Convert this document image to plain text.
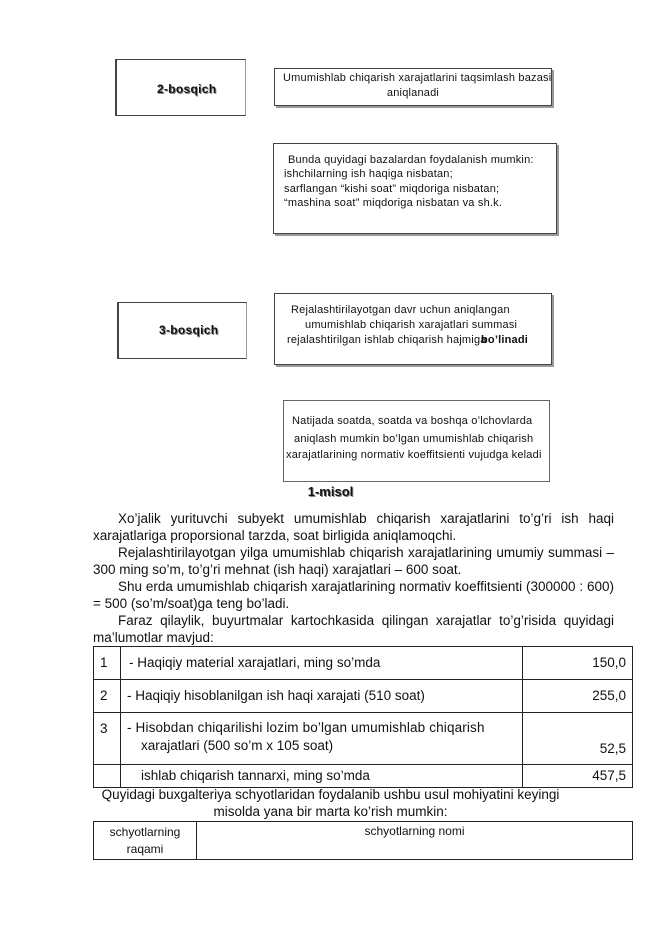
2-bosqich
Umumishlab chiqarish xarajatlarini taqsimlash bazasi
aniqlanadi
Bunda quyidagi bazalardan foydalanish mumkin:
ishchilarning ish haqiga nisbatan;
sarflangan “kishi soat” miqdoriga nisbatan;
“mashina soat” miqdoriga nisbatan va sh.k.
3-bosqich
Rejalashtirilayotgan davr uchun aniqlangan
umumishlab chiqarish xarajatlari summasi
rejalashtirilgan ishlab chiqarish hajmiga
bo’linadi
Natijada soatda, soatda va boshqa o’lchovlarda
aniqlash mumkin bo’lgan umumishlab chiqarish
xarajatlarining normativ koeffitsienti vujudga keladi
1-misol
Xo’jalik yurituvchi subyekt umumishlab chiqarish xarajatlarini to’g’ri ish haqi xarajatlariga proporsional tarzda, soat birligida aniqlamoqchi.
Rejalashtirilayotgan yilga umumishlab chiqarish xarajatlarining umumiy summasi – 300 ming so’m, to’g’ri mehnat (ish haqi) xarajatlari – 600 soat.
Shu erda umumishlab chiqarish xarajatlarining normativ koeffitsienti (300000 : 600) = 500 (so’m/soat)ga teng bo’ladi.
Faraz qilaylik, buyurtmalar kartochkasida qilingan xarajatlar to’g’risida quyidagi ma’lumotlar mavjud:
1	- Haqiqiy material xarajatlari, ming so’mda	150,0
2	- Haqiqiy hisoblanilgan ish haqi xarajati (510 soat)	255,0
3	- Hisobdan chiqarilishi lozim bo’lgan umumishlab chiqarish
xarajatlari (500 so’m x 105 soat)	52,5
	ishlab chiqarish tannarxi, ming so’mda	457,5
Quyidagi buxgalteriya schyotlaridan foydalanib ushbu usul mohiyatini keyingi
misolda yana bir marta ko’rish mumkin:
schyotlarning
raqami
	schyotlarning nomi
